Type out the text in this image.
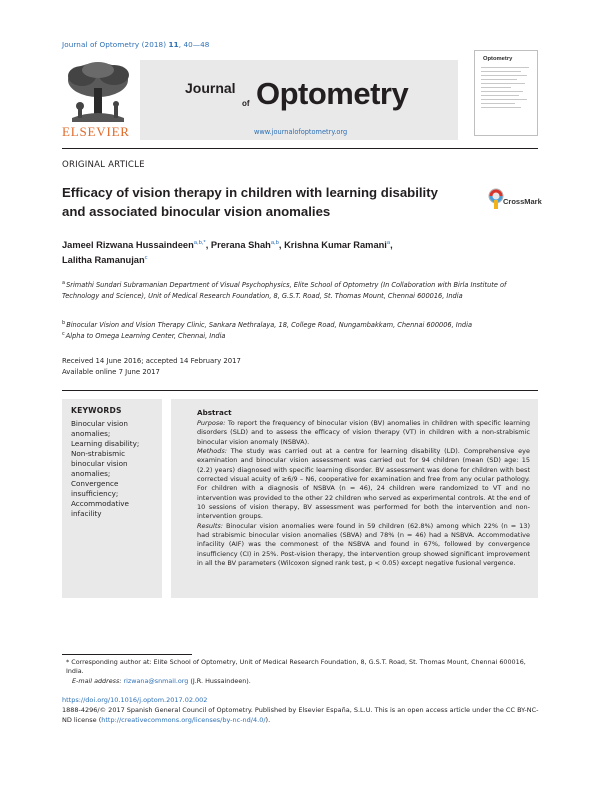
Journal of Optometry (2018) 11, 40—48
ELSEVIER
Journal
of Optometry
www.journalofoptometry.org
Optometry
ORIGINAL ARTICLE
Efficacy of vision therapy in children with learning disability and associated binocular vision anomalies
CrossMark
Jameel Rizwana Hussaindeen$^{a,b,*}$, Prerana Shah$^{a,b}$, Krishna Kumar Ramani$^a$,
Lalitha Ramanujan$^c$
$^a$Srimathi Sundari Subramanian Department of Visual Psychophysics, Elite School of Optometry (In Collaboration with Birla Institute of Technology and Science), Unit of Medical Research Foundation, 8, G.S.T. Road, St. Thomas Mount, Chennai 600016, India
$^b$Binocular Vision and Vision Therapy Clinic, Sankara Nethralaya, 18, College Road, Nungambakkam, Chennai 600006, India
$^c$Alpha to Omega Learning Center, Chennai, India
Received 14 June 2016; accepted 14 February 2017
Available online 7 June 2017
KEYWORDS
Binocular vision
anomalies;
Learning disability;
Non-strabismic
binocular vision
anomalies;
Convergence
insufficiency;
Accommodative
infacility
Abstract

Purpose: To report the frequency of binocular vision (BV) anomalies in children with specific learning disorders (SLD) and to assess the efficacy of vision therapy (VT) in children with a non-strabismic binocular vision anomaly (NSBVA).

Methods: The study was carried out at a centre for learning disability (LD). Comprehensive eye examination and binocular vision assessment was carried out for 94 children (mean (SD) age: 15 (2.2) years) diagnosed with specific learning disorder. BV assessment was done for children with best corrected visual acuity of ≥6/9 – N6, cooperative for examination and free from any ocular pathology. For children with a diagnosis of NSBVA (n = 46), 24 children were randomized to VT and no intervention was provided to the other 22 children who served as experimental controls. At the end of 10 sessions of vision therapy, BV assessment was performed for both the intervention and non-intervention groups.

Results: Binocular vision anomalies were found in 59 children (62.8%) among which 22% (n = 13) had strabismic binocular vision anomalies (SBVA) and 78% (n = 46) had a NSBVA. Accommodative infacility (AIF) was the commonest of the NSBVA and found in 67%, followed by convergence insufficiency (CI) in 25%. Post-vision therapy, the intervention group showed significant improvement in all the BV parameters (Wilcoxon signed rank test, p < 0.05) except negative fusional vergence.

* Corresponding author at: Elite School of Optometry, Unit of Medical Research Foundation, 8, G.S.T. Road, St. Thomas Mount, Chennai 600016, India.
E-mail address: rizwana@snmail.org (J.R. Hussaindeen).
https://doi.org/10.1016/j.optom.2017.02.002
1888-4296/© 2017 Spanish General Council of Optometry. Published by Elsevier España, S.L.U. This is an open access article under the CC BY-NC-ND license (http://creativecommons.org/licenses/by-nc-nd/4.0/).
